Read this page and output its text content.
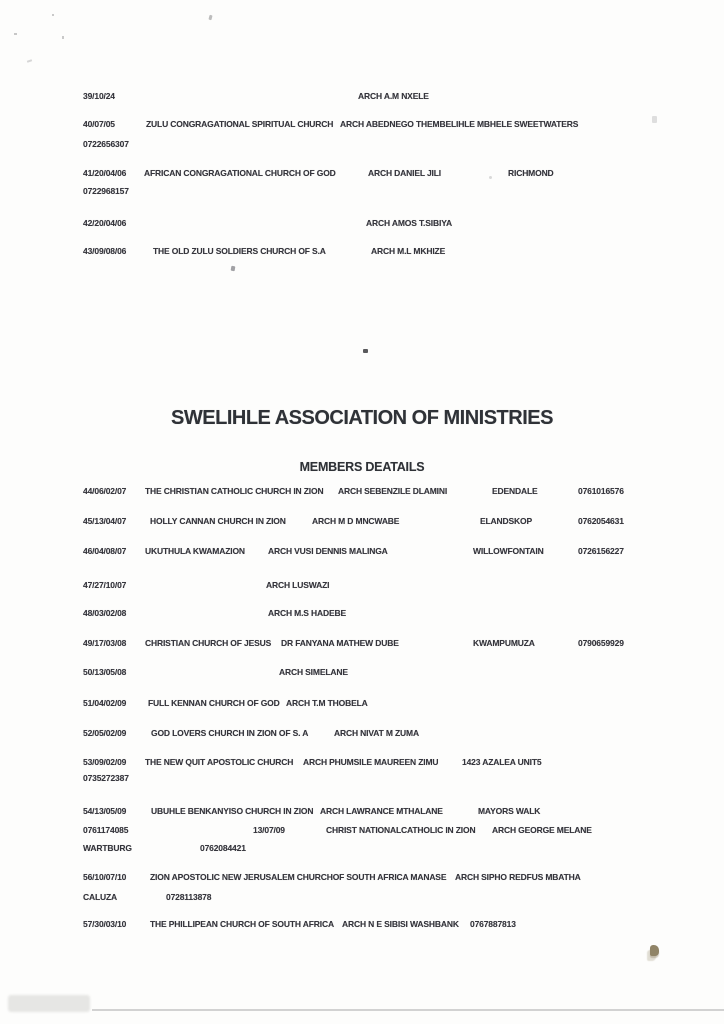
39/10/24	ARCH A.M NXELE
40/07/05	ZULU CONGRAGATIONAL SPIRITUAL CHURCH ARCH ABEDNEGO THEMBELIHLE MBHELE SWEETWATERS
0722656307
41/20/04/06 AFRICAN CONGRAGATIONAL CHURCH OF GOD	ARCH DANIEL JILI	RICHMOND
0722968157
42/20/04/06	ARCH AMOS T.SIBIYA
43/09/08/06	THE OLD ZULU SOLDIERS CHURCH OF S.A	ARCH M.L MKHIZE
SWELIHLE ASSOCIATION OF MINISTRIES
MEMBERS DEATAILS
44/06/02/07 THE CHRISTIAN CATHOLIC CHURCH IN ZION ARCH SEBENZILE DLAMINI	EDENDALE	0761016576
45/13/04/07	HOLLY CANNAN CHURCH IN ZION	ARCH M D MNCWABE	ELANDSKOP	0762054631
46/04/08/07 UKUTHULA KWAMAZION	ARCH VUSI DENNIS MALINGA	WILLOWFONTAIN	0726156227
47/27/10/07	ARCH LUSWAZI
48/03/02/08	ARCH M.S HADEBE
49/17/03/08 CHRISTIAN CHURCH OF JESUS DR FANYANA MATHEW DUBE	KWAMPUMUZA	0790659929
50/13/05/08	ARCH SIMELANE
51/04/02/09	FULL KENNAN CHURCH OF GOD ARCH T.M THOBELA
52/05/02/09	GOD LOVERS CHURCH IN ZION OF S. A	ARCH NIVAT M ZUMA
53/09/02/09 THE NEW QUIT APOSTOLIC CHURCH ARCH PHUMSILE MAUREEN ZIMU	1423 AZALEA UNIT5
0735272387
54/13/05/09	UBUHLE BENKANYISO CHURCH IN ZION ARCH LAWRANCE MTHALANE	MAYORS WALK
0761174085	13/07/09	CHRIST NATIONALCATHOLIC IN ZION ARCH GEORGE MELANE
WARTBURG	0762084421
56/10/07/10	ZION APOSTOLIC NEW JERUSALEM CHURCHOF SOUTH AFRICA MANASE ARCH SIPHO REDFUS MBATHA
CALUZA	0728113878
57/30/03/10	THE PHILLIPEAN CHURCH OF SOUTH AFRICA ARCH N E SIBISI WASHBANK 0767887813
